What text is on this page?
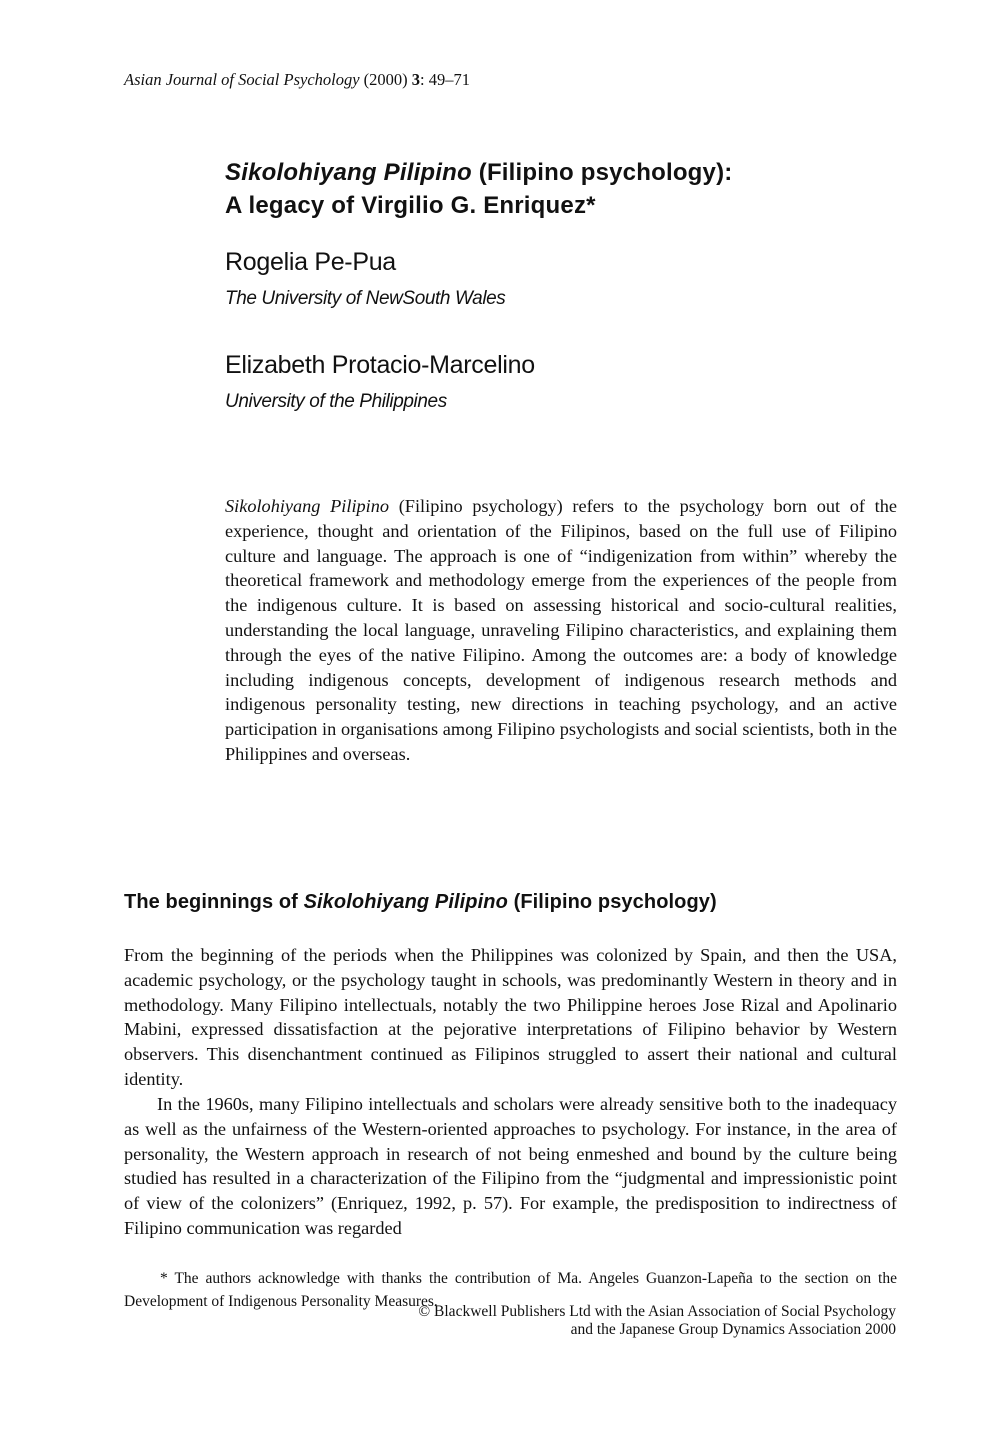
Asian Journal of Social Psychology (2000) 3: 49–71
Sikolohiyang Pilipino (Filipino psychology):
A legacy of Virgilio G. Enriquez*
Rogelia Pe-Pua
The University of NewSouth Wales
Elizabeth Protacio-Marcelino
University of the Philippines
Sikolohiyang Pilipino (Filipino psychology) refers to the psychology born out of the experience, thought and orientation of the Filipinos, based on the full use of Filipino culture and language. The approach is one of “indigenization from within” whereby the theoretical framework and methodology emerge from the experiences of the people from the indigenous culture. It is based on assessing historical and socio-cultural realities, understanding the local language, unraveling Filipino characteristics, and explaining them through the eyes of the native Filipino. Among the outcomes are: a body of knowledge including indigenous concepts, development of indigenous research methods and indigenous personality testing, new directions in teaching psychology, and an active participation in organisations among Filipino psychologists and social scientists, both in the Philippines and overseas.
The beginnings of Sikolohiyang Pilipino (Filipino psychology)
From the beginning of the periods when the Philippines was colonized by Spain, and then the USA, academic psychology, or the psychology taught in schools, was predominantly Western in theory and in methodology. Many Filipino intellectuals, notably the two Philippine heroes Jose Rizal and Apolinario Mabini, expressed dissatisfaction at the pejorative interpretations of Filipino behavior by Western observers. This disenchantment continued as Filipinos struggled to assert their national and cultural identity.
In the 1960s, many Filipino intellectuals and scholars were already sensitive both to the inadequacy as well as the unfairness of the Western-oriented approaches to psychology. For instance, in the area of personality, the Western approach in research of not being enmeshed and bound by the culture being studied has resulted in a characterization of the Filipino from the “judgmental and impressionistic point of view of the colonizers” (Enriquez, 1992, p. 57). For example, the predisposition to indirectness of Filipino communication was regarded
* The authors acknowledge with thanks the contribution of Ma. Angeles Guanzon-Lapeña to the section on the Development of Indigenous Personality Measures.
© Blackwell Publishers Ltd with the Asian Association of Social Psychology
and the Japanese Group Dynamics Association 2000
